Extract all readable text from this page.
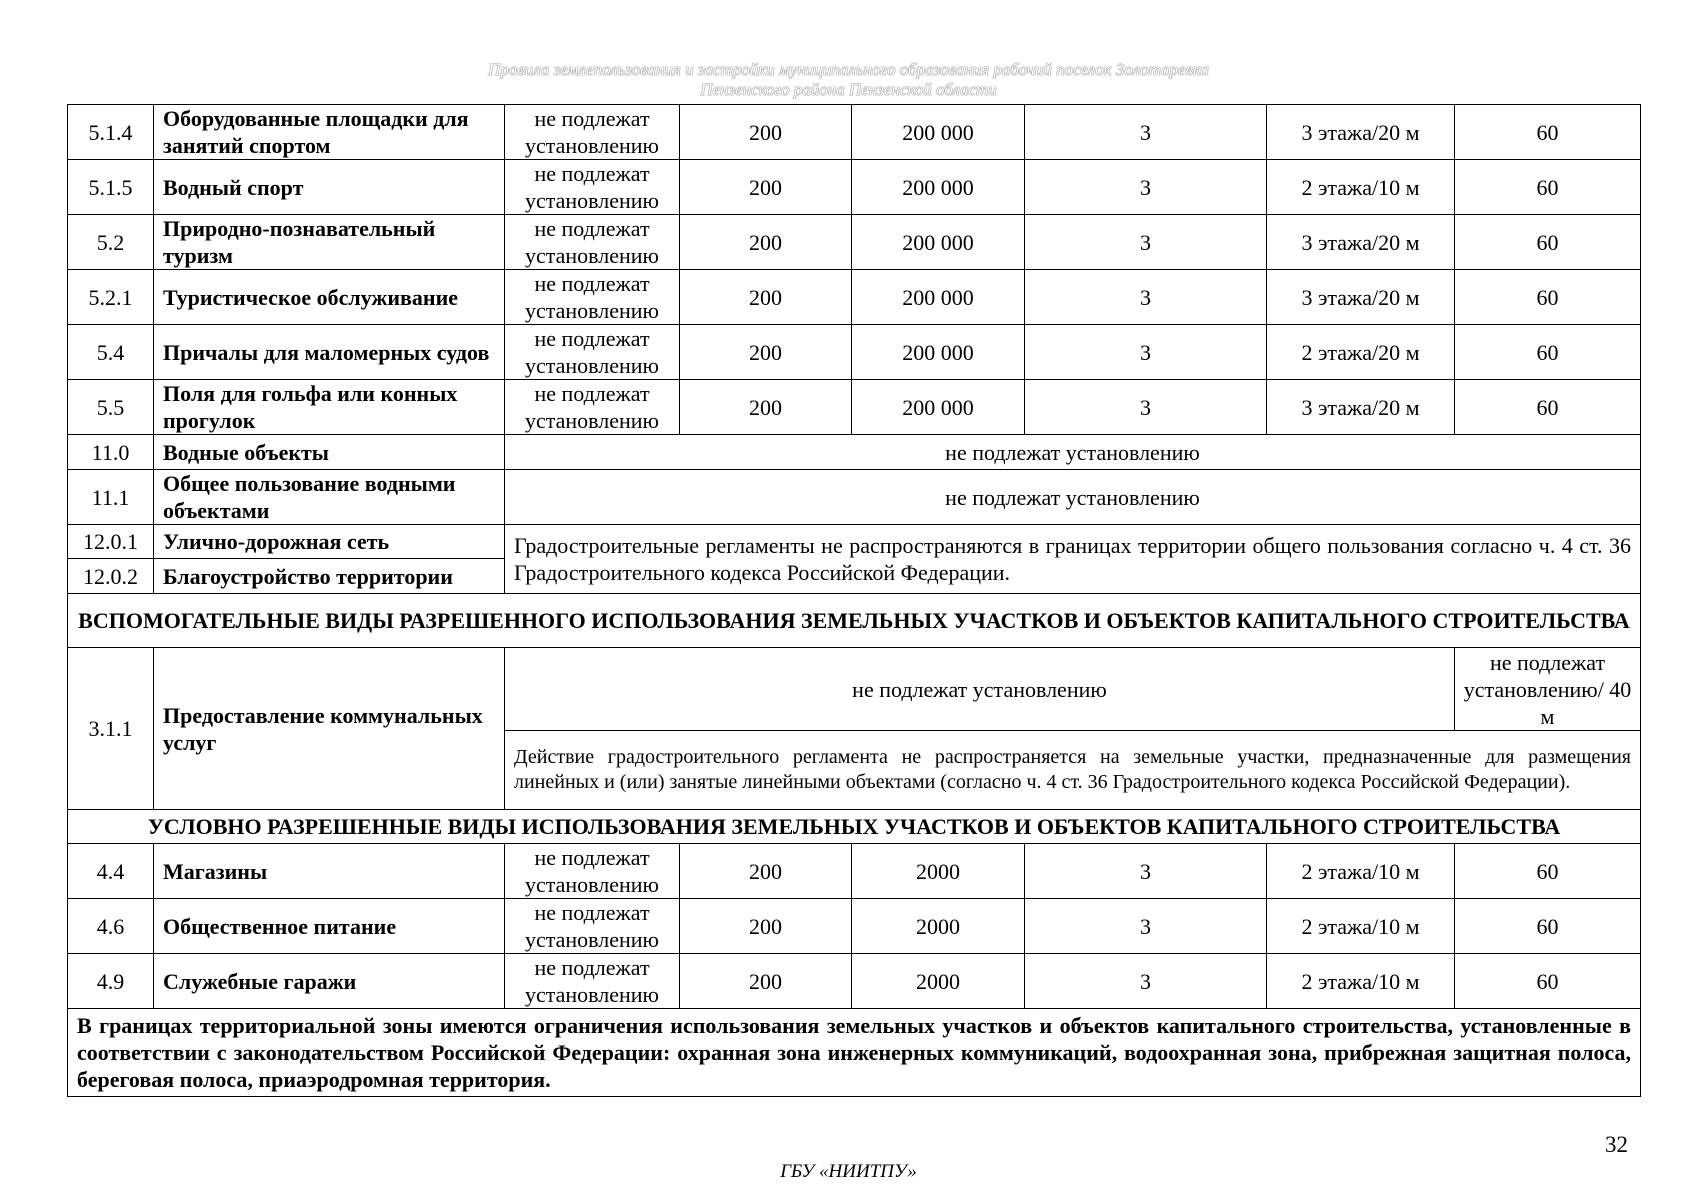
Правила землепользования и застройки муниципального образования рабочий поселок Золотаревка
Пензенского района Пензенской области
5.1.4	Оборудованные площадки для занятий спортом	не подлежат установлению	200	200 000	3	3 этажа/20 м	60
5.1.5	Водный спорт	не подлежат установлению	200	200 000	3	2 этажа/10 м	60
5.2	Природно-познавательный туризм	не подлежат установлению	200	200 000	3	3 этажа/20 м	60
5.2.1	Туристическое обслуживание	не подлежат установлению	200	200 000	3	3 этажа/20 м	60
5.4	Причалы для маломерных судов	не подлежат установлению	200	200 000	3	2 этажа/20 м	60
5.5	Поля для гольфа или конных прогулок	не подлежат установлению	200	200 000	3	3 этажа/20 м	60
11.0	Водные объекты	не подлежат установлению					
11.1	Общее пользование водными объектами	не подлежат установлению					
12.0.1	Улично-дорожная сеть	Градостроительные регламенты не распространяются в границах территории общего пользования согласно ч. 4 ст. 36 Градостроительного кодекса Российской Федерации.					
12.0.2	Благоустройство территории						
ВСПОМОГАТЕЛЬНЫЕ ВИДЫ РАЗРЕШЕННОГО ИСПОЛЬЗОВАНИЯ ЗЕМЕЛЬНЫХ УЧАСТКОВ И ОБЪЕКТОВ КАПИТАЛЬНОГО СТРОИТЕЛЬСТВА							
3.1.1	Предоставление коммунальных услуг	не подлежат установлению					не подлежат установлению/ 40 м
		Действие градостроительного регламента не распространяется на земельные участки, предназначенные для размещения линейных и (или) занятые линейными объектами (согласно ч. 4 ст. 36 Градостроительного кодекса Российской Федерации).					
УСЛОВНО РАЗРЕШЕННЫЕ ВИДЫ ИСПОЛЬЗОВАНИЯ ЗЕМЕЛЬНЫХ УЧАСТКОВ И ОБЪЕКТОВ КАПИТАЛЬНОГО СТРОИТЕЛЬСТВА							
4.4	Магазины	не подлежат установлению	200	2000	3	2 этажа/10 м	60
4.6	Общественное питание	не подлежат установлению	200	2000	3	2 этажа/10 м	60
4.9	Служебные гаражи	не подлежат установлению	200	2000	3	2 этажа/10 м	60
В границах территориальной зоны имеются ограничения использования земельных участков и объектов капитального строительства, установленные в соответствии с законодательством Российской Федерации: охранная зона инженерных коммуникаций, водоохранная зона, прибрежная защитная полоса, береговая полоса, приаэродромная территория.							
32
ГБУ «НИИТПУ»
